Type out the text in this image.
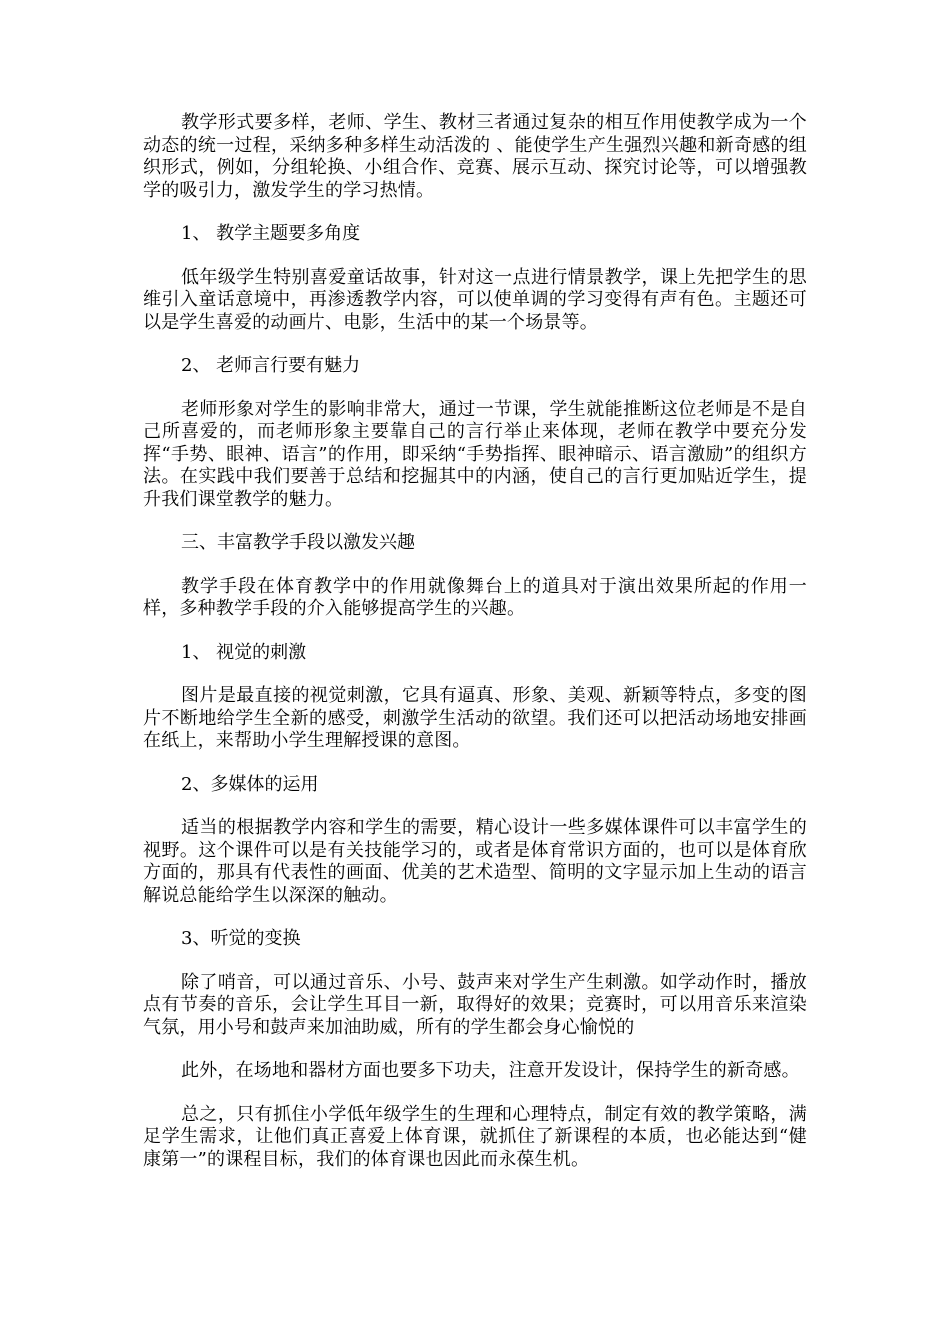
教学形式要多样，老师、学生、教材三者通过复杂的相互作用使教学成为一个动态的统一过程，采纳多种多样生动活泼的 、能使学生产生强烈兴趣和新奇感的组织形式，例如，分组轮换、小组合作、竞赛、展示互动、探究讨论等，可以增强教学的吸引力，激发学生的学习热情。

1、 教学主题要多角度

低年级学生特别喜爱童话故事，针对这一点进行情景教学，课上先把学生的思维引入童话意境中，再渗透教学内容，可以使单调的学习变得有声有色。主题还可以是学生喜爱的动画片、电影，生活中的某一个场景等。

2、 老师言行要有魅力

老师形象对学生的影响非常大，通过一节课，学生就能推断这位老师是不是自己所喜爱的，而老师形象主要靠自己的言行举止来体现，老师在教学中要充分发挥“手势、眼神、语言”的作用，即采纳“手势指挥、眼神暗示、语言激励”的组织方法。在实践中我们要善于总结和挖掘其中的内涵，使自己的言行更加贴近学生，提升我们课堂教学的魅力。

三、丰富教学手段以激发兴趣

教学手段在体育教学中的作用就像舞台上的道具对于演出效果所起的作用一样，多种教学手段的介入能够提高学生的兴趣。

1、 视觉的刺激

图片是最直接的视觉刺激，它具有逼真、形象、美观、新颖等特点，多变的图片不断地给学生全新的感受，刺激学生活动的欲望。我们还可以把活动场地安排画在纸上，来帮助小学生理解授课的意图。

2、多媒体的运用

适当的根据教学内容和学生的需要，精心设计一些多媒体课件可以丰富学生的视野。这个课件可以是有关技能学习的，或者是体育常识方面的，也可以是体育欣方面的，那具有代表性的画面、优美的艺术造型、简明的文字显示加上生动的语言解说总能给学生以深深的触动。

3、听觉的变换

除了哨音，可以通过音乐、小号、鼓声来对学生产生刺激。如学动作时，播放点有节奏的音乐，会让学生耳目一新，取得好的效果；竞赛时，可以用音乐来渲染气氛，用小号和鼓声来加油助威，所有的学生都会身心愉悦的

此外，在场地和器材方面也要多下功夫，注意开发设计，保持学生的新奇感。

总之，只有抓住小学低年级学生的生理和心理特点，制定有效的教学策略，满足学生需求，让他们真正喜爱上体育课，就抓住了新课程的本质，也必能达到“健康第一”的课程目标，我们的体育课也因此而永葆生机。
